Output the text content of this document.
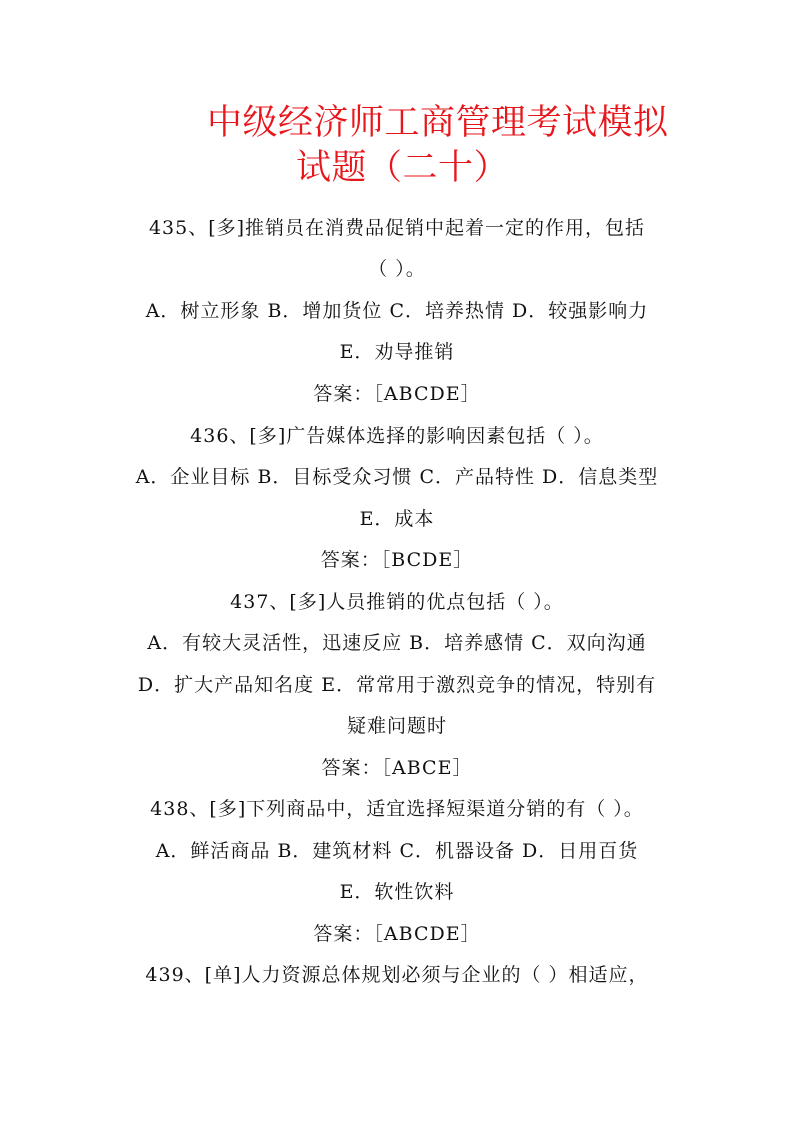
中级经济师工商管理考试模拟
试题（二十）
435、[多]推销员在消费品促销中起着一定的作用，包括
（ ）。
A．树立形象 B．增加货位 C．培养热情 D．较强影响力
E．劝导推销
答案：［ABCDE］
436、[多]广告媒体选择的影响因素包括（ ）。
A．企业目标 B．目标受众习惯 C．产品特性 D．信息类型
E．成本
答案：［BCDE］
437、[多]人员推销的优点包括（ ）。
A．有较大灵活性，迅速反应 B．培养感情 C．双向沟通
D．扩大产品知名度 E．常常用于激烈竞争的情况，特别有
疑难问题时
答案：［ABCE］
438、[多]下列商品中，适宜选择短渠道分销的有（ ）。
A．鲜活商品 B．建筑材料 C．机器设备 D．日用百货
E．软性饮料
答案：［ABCDE］
439、[单]人力资源总体规划必须与企业的（ ）相适应，
